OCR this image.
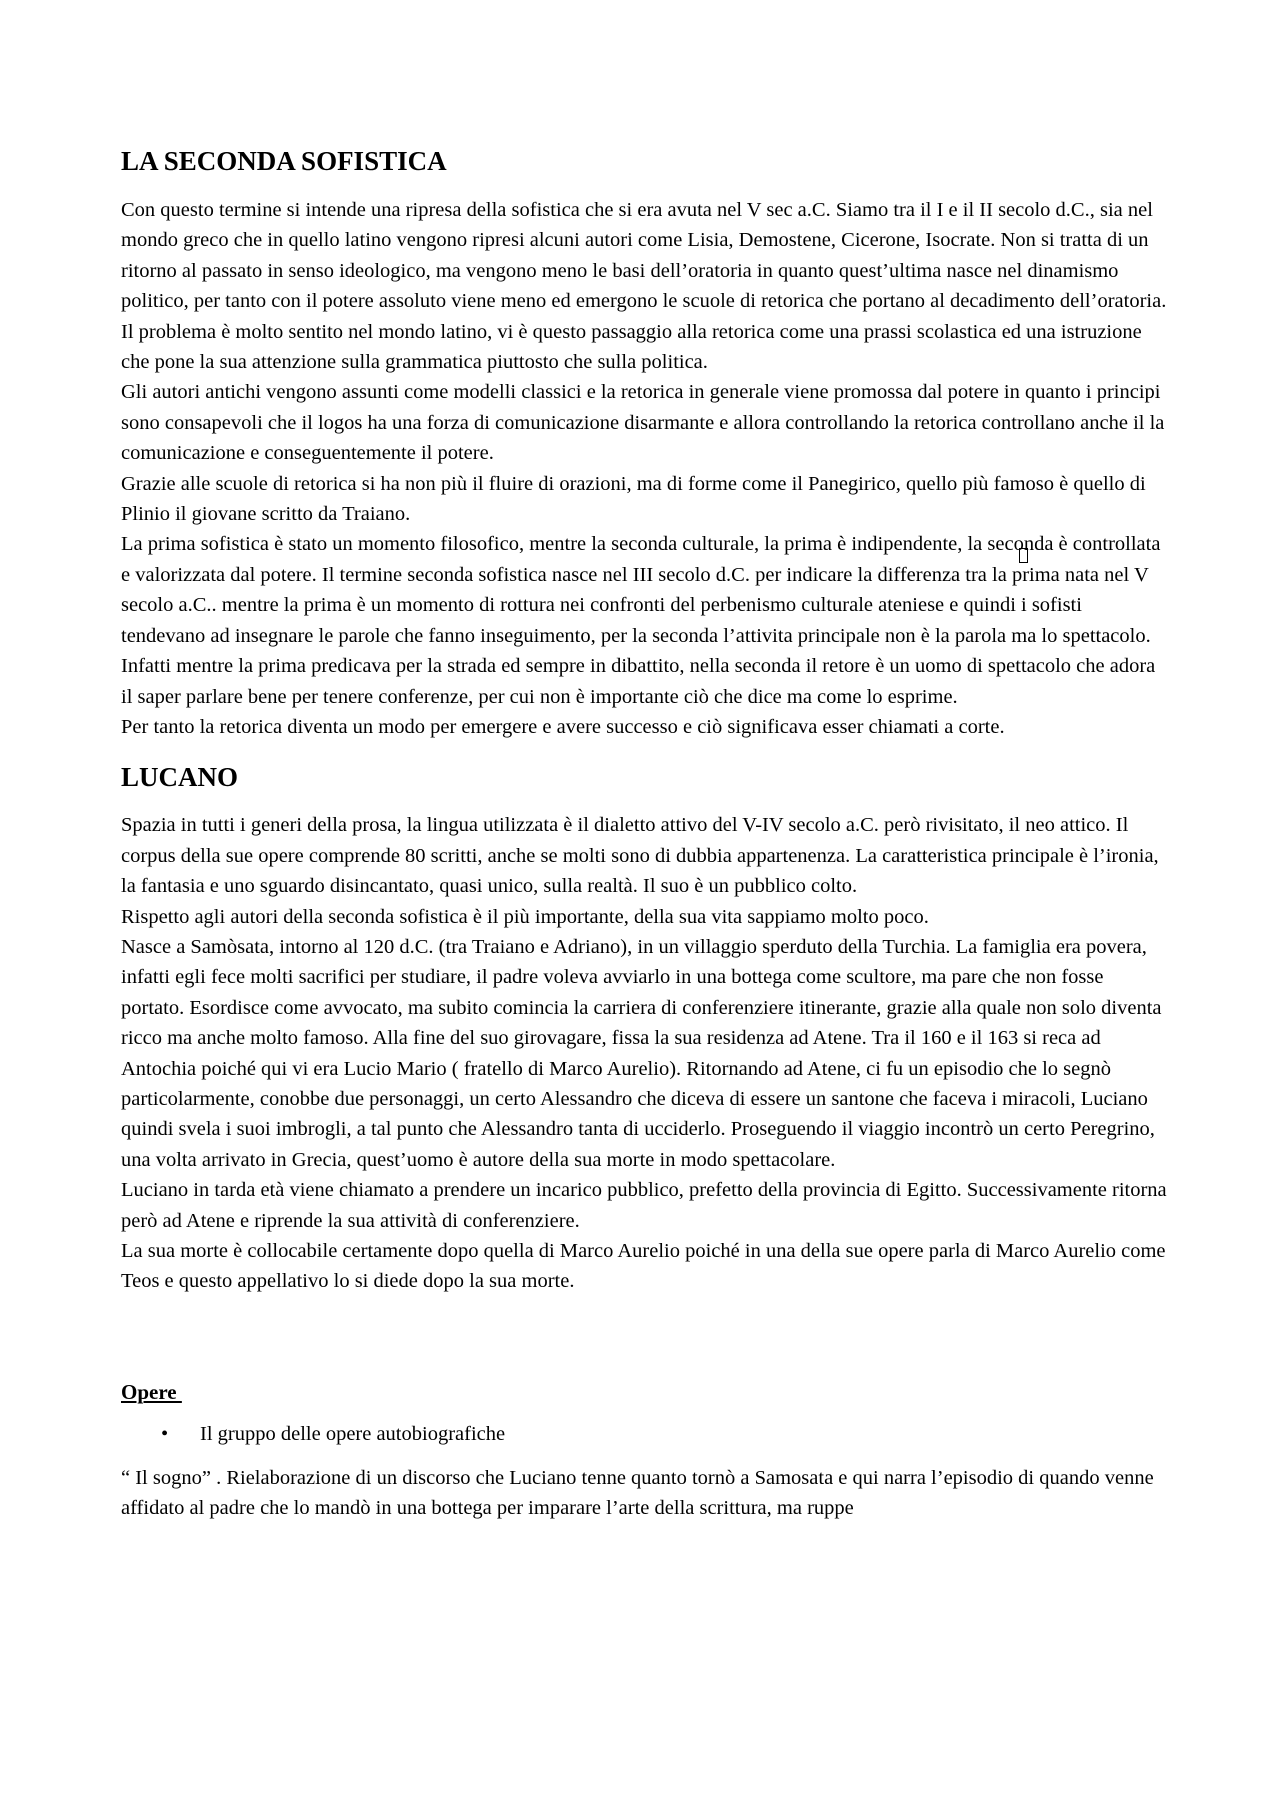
LA SECONDA SOFISTICA

Con questo termine si intende una ripresa della sofistica che si era avuta nel V sec a.C. Siamo tra il I e il II secolo d.C., sia nel mondo greco che in quello latino vengono ripresi alcuni autori come Lisia, Demostene, Cicerone, Isocrate. Non si tratta di un ritorno al passato in senso ideologico, ma vengono meno le basi dell’oratoria in quanto quest’ultima nasce nel dinamismo politico, per tanto con il potere assoluto viene meno ed emergono le scuole di retorica che portano al decadimento dell’oratoria.

Il problema è molto sentito nel mondo latino, vi è questo passaggio alla retorica come una prassi scolastica ed una istruzione che pone la sua attenzione sulla grammatica piuttosto che sulla politica.

Gli autori antichi vengono assunti come modelli classici e la retorica in generale viene promossa dal potere in quanto i principi sono consapevoli che il logos ha una forza di comunicazione disarmante e allora controllando la retorica controllano anche il la comunicazione e conseguentemente il potere.

Grazie alle scuole di retorica si ha non più il fluire di orazioni, ma di forme come il Panegirico, quello più famoso è quello di Plinio il giovane scritto da Traiano.

La prima sofistica è stato un momento filosofico, mentre la seconda culturale, la prima è indipendente, la seconda è controllata e valorizzata dal potere. Il termine seconda sofistica nasce nel III secolo d.C. per indicare la differenza tra la prima nata nel V secolo a.C.. mentre la prima è un momento di rottura nei confronti del perbenismo culturale ateniese e quindi i sofisti tendevano ad insegnare le parole che fanno inseguimento, per la seconda l’attivita principale non è la parola ma lo spettacolo. Infatti mentre la prima predicava per la strada ed sempre in dibattito, nella seconda il retore è un uomo di spettacolo che adora il saper parlare bene per tenere conferenze, per cui non è importante ciò che dice ma come lo esprime.

Per tanto la retorica diventa un modo per emergere e avere successo e ciò significava esser chiamati a corte.

LUCANO

Spazia in tutti i generi della prosa, la lingua utilizzata è il dialetto attivo del V-IV secolo a.C. però rivisitato, il neo attico. Il corpus della sue opere comprende 80 scritti, anche se molti sono di dubbia appartenenza. La caratteristica principale è l’ironia, la fantasia e uno sguardo disincantato, quasi unico, sulla realtà. Il suo è un pubblico colto.

Rispetto agli autori della seconda sofistica è il più importante, della sua vita sappiamo molto poco.

Nasce a Samòsata, intorno al 120 d.C. (tra Traiano e Adriano), in un villaggio sperduto della Turchia. La famiglia era povera, infatti egli fece molti sacrifici per studiare, il padre voleva avviarlo in una bottega come scultore, ma pare che non fosse portato. Esordisce come avvocato, ma subito comincia la carriera di conferenziere itinerante, grazie alla quale non solo diventa ricco ma anche molto famoso. Alla fine del suo girovagare, fissa la sua residenza ad Atene. Tra il 160 e il 163 si reca ad Antochia poiché qui vi era Lucio Mario ( fratello di Marco Aurelio). Ritornando ad Atene, ci fu un episodio che lo segnò particolarmente, conobbe due personaggi, un certo Alessandro che diceva di essere un santone che faceva i miracoli, Luciano quindi svela i suoi imbrogli, a tal punto che Alessandro tanta di ucciderlo. Proseguendo il viaggio incontrò un certo Peregrino, una volta arrivato in Grecia, quest’uomo è autore della sua morte in modo spettacolare.

Luciano in tarda età viene chiamato a prendere un incarico pubblico, prefetto della provincia di Egitto. Successivamente ritorna però ad Atene e riprende la sua attività di conferenziere.

La sua morte è collocabile certamente dopo quella di Marco Aurelio poiché in una della sue opere parla di Marco Aurelio come Teos e questo appellativo lo si diede dopo la sua morte.

Opere
• Il gruppo delle opere autobiografiche

“ Il sogno” . Rielaborazione di un discorso che Luciano tenne quanto tornò a Samosata e qui narra l’episodio di quando venne affidato al padre che lo mandò in una bottega per imparare l’arte della scrittura, ma ruppe
